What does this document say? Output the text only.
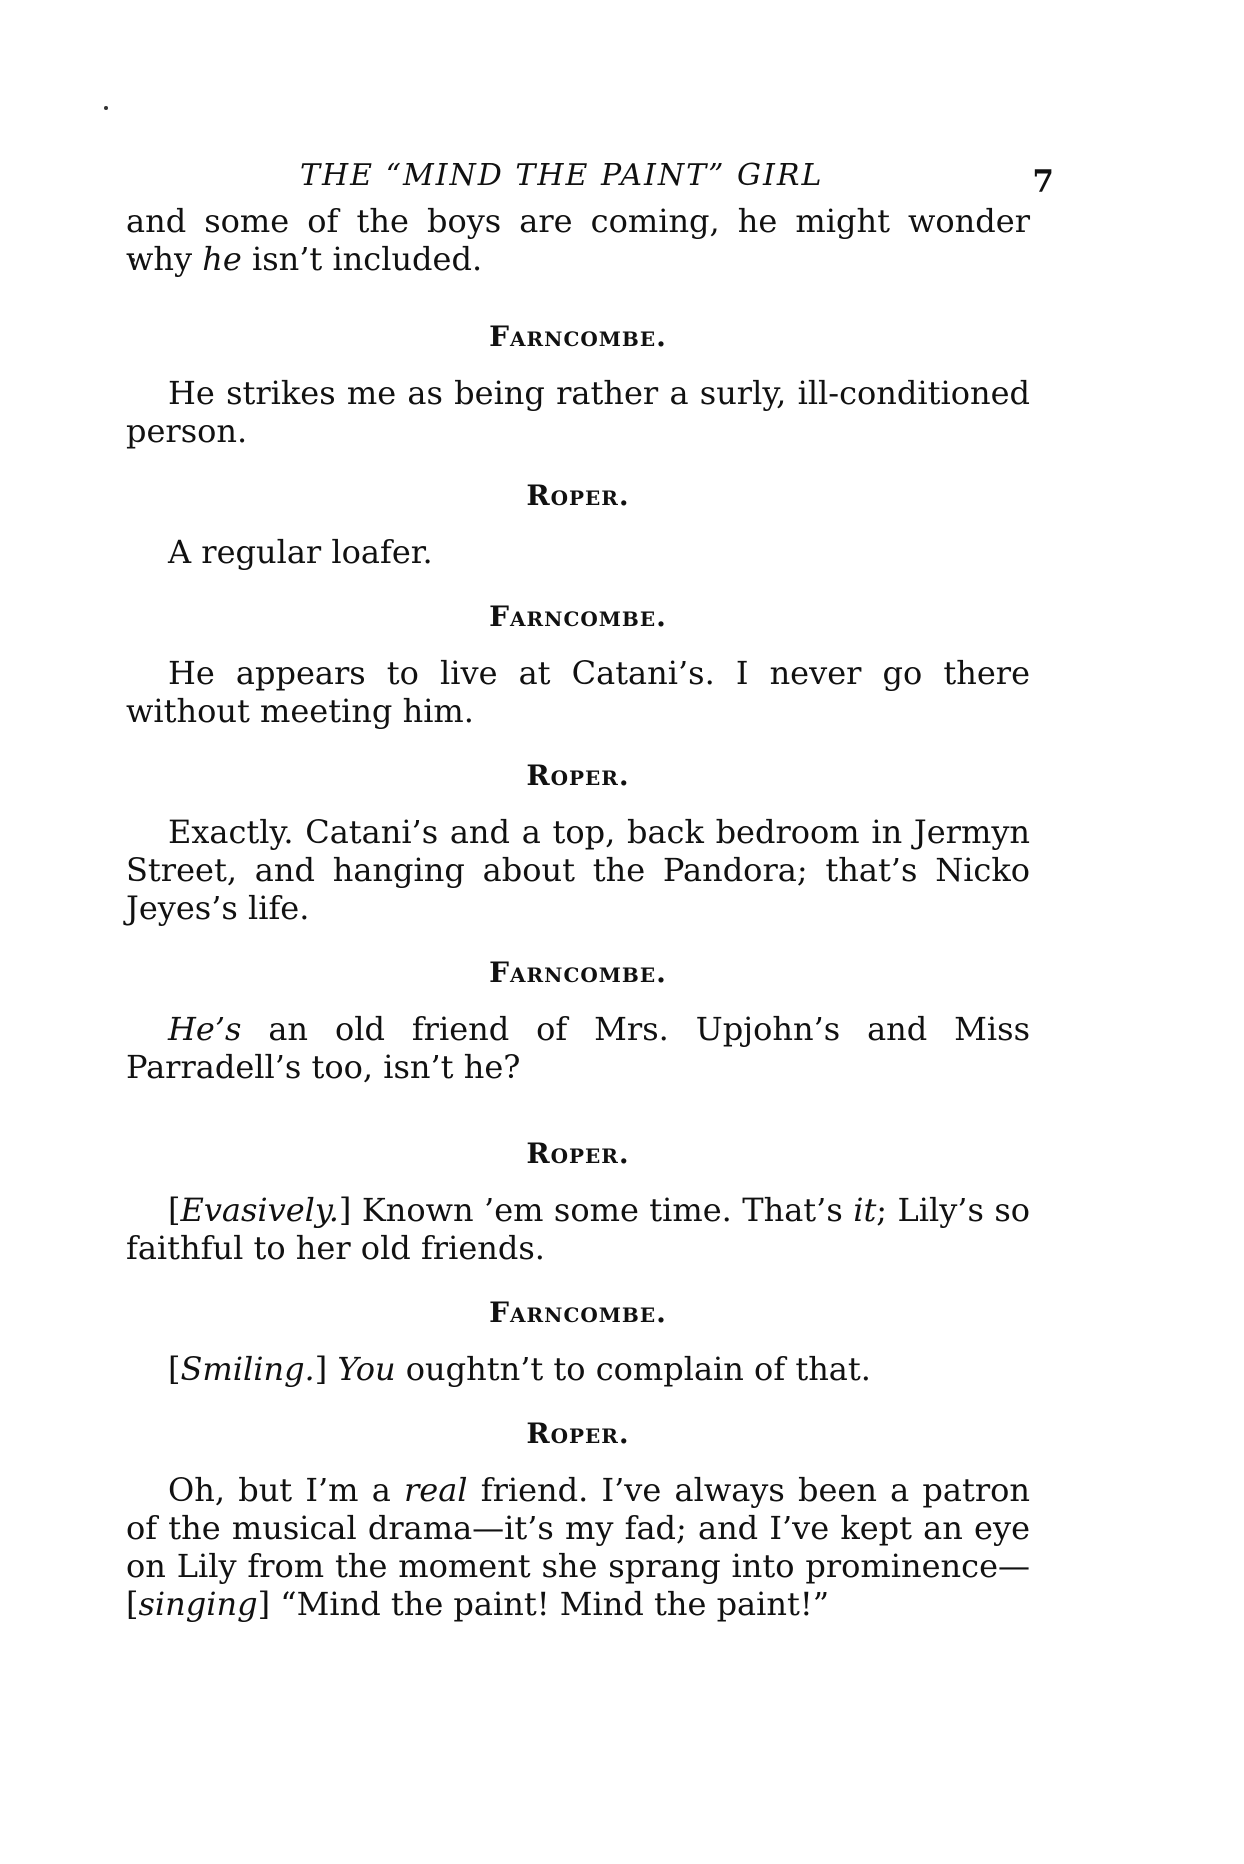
THE “MIND THE PAINT” GIRL	7

and some of the boys are coming, he might wonder why he isn’t included.

Farncombe.

He strikes me as being rather a surly, ill-conditioned person.

Roper.

A regular loafer.

Farncombe.

He appears to live at Catani’s. I never go there without meeting him.

Roper.

Exactly. Catani’s and a top, back bedroom in Jermyn Street, and hanging about the Pandora; that’s Nicko Jeyes’s life.

Farncombe.

He’s an old friend of Mrs. Upjohn’s and Miss Parradell’s too, isn’t he?

Roper.

[Evasively.] Known ’em some time. That’s it; Lily’s so faithful to her old friends.

Farncombe.

[Smiling.] You oughtn’t to complain of that.

Roper.

Oh, but I’m a real friend. I’ve always been a patron of the musical drama—it’s my fad; and I’ve kept an eye on Lily from the moment she sprang into prominence—[singing] “Mind the paint! Mind the paint!”
